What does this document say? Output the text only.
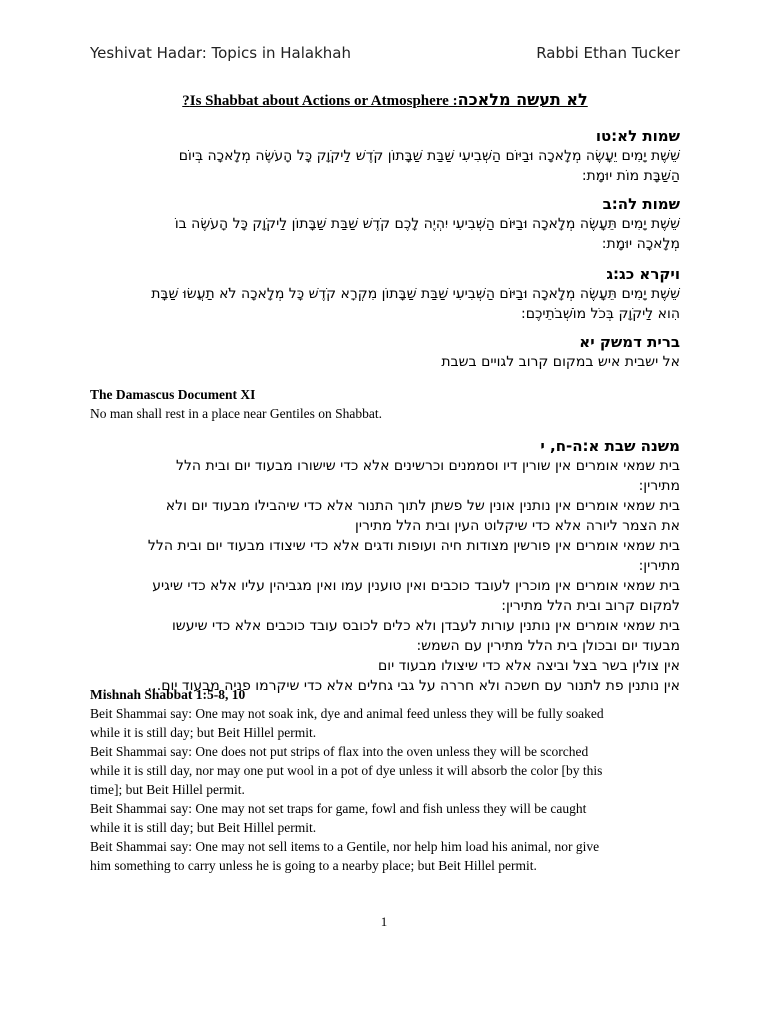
Yeshivat Hadar: Topics in Halakhah	Rabbi Ethan Tucker
לא תעשה מלאכה: Is Shabbat about Actions or Atmosphere?
שמות לא:טו
שֵׁשֶׁת יָמִים יֵעָשֶׂה מְלָאכָה וּבַיּוֹם הַשְּׁבִיעִי שַׁבַּת שַׁבָּתוֹן קֹדֶשׁ לַיקֹוָק כָּל הָעֹשֶׂה מְלָאכָה בְּיוֹם
הַשַּׁבָּת מוֹת יוּמָת:
שמות לה:ב
שֵׁשֶׁת יָמִים תֵּעָשֶׂה מְלָאכָה וּבַיּוֹם הַשְּׁבִיעִי יִהְיֶה לָכֶם קֹדֶשׁ שַׁבַּת שַׁבָּתוֹן לַיקֹוָק כָּל הָעֹשֶׂה בוֹ
מְלָאכָה יוּמָת:
ויקרא כג:ג
שֵׁשֶׁת יָמִים תֵּעָשֶׂה מְלָאכָה וּבַיּוֹם הַשְּׁבִיעִי שַׁבַּת שַׁבָּתוֹן מִקְרָא קֹדֶשׁ כָּל מְלָאכָה לֹא תַעֲשׂוּ שַׁבָּת
הִוא לַיקֹוָק בְּכֹל מוֹשְׁבֹתֵיכֶם:
ברית דמשק יא
אל ישבית איש במקום קרוב לגויים בשבת
The Damascus Document XI
No man shall rest in a place near Gentiles on Shabbat.
משנה שבת א:ה-ח, י
בית שמאי אומרים אין שורין דיו וסממנים וכרשינים אלא כדי שישורו מבעוד יום ובית הלל
מתירין:
בית שמאי אומרים אין נותנין אונין של פשתן לתוך התנור אלא כדי שיהבילו מבעוד יום ולא
את הצמר ליורה אלא כדי שיקלוט העין ובית הלל מתירין
בית שמאי אומרים אין פורשין מצודות חיה ועופות ודגים אלא כדי שיצודו מבעוד יום ובית הלל
מתירין:
בית שמאי אומרים אין מוכרין לעובד כוכבים ואין טוענין עמו ואין מגביהין עליו אלא כדי שיגיע
למקום קרוב ובית הלל מתירין:
בית שמאי אומרים אין נותנין עורות לעבדן ולא כלים לכובס עובד כוכבים אלא כדי שיעשו
מבעוד יום ובכולן בית הלל מתירין עם השמש:
אין צולין בשר בצל וביצה אלא כדי שיצולו מבעוד יום
אין נותנין פת לתנור עם חשכה ולא חררה על גבי גחלים אלא כדי שיקרמו פניה מבעוד יום…
Mishnah Shabbat 1:5-8, 10
Beit Shammai say: One may not soak ink, dye and animal feed unless they will be fully soaked
while it is still day; but Beit Hillel permit.
Beit Shammai say: One does not put strips of flax into the oven unless they will be scorched
while it is still day, nor may one put wool in a pot of dye unless it will absorb the color [by this
time]; but Beit Hillel permit.
Beit Shammai say: One may not set traps for game, fowl and fish unless they will be caught
while it is still day; but Beit Hillel permit.
Beit Shammai say: One may not sell items to a Gentile, nor help him load his animal, nor give
him something to carry unless he is going to a nearby place; but Beit Hillel permit.
1
